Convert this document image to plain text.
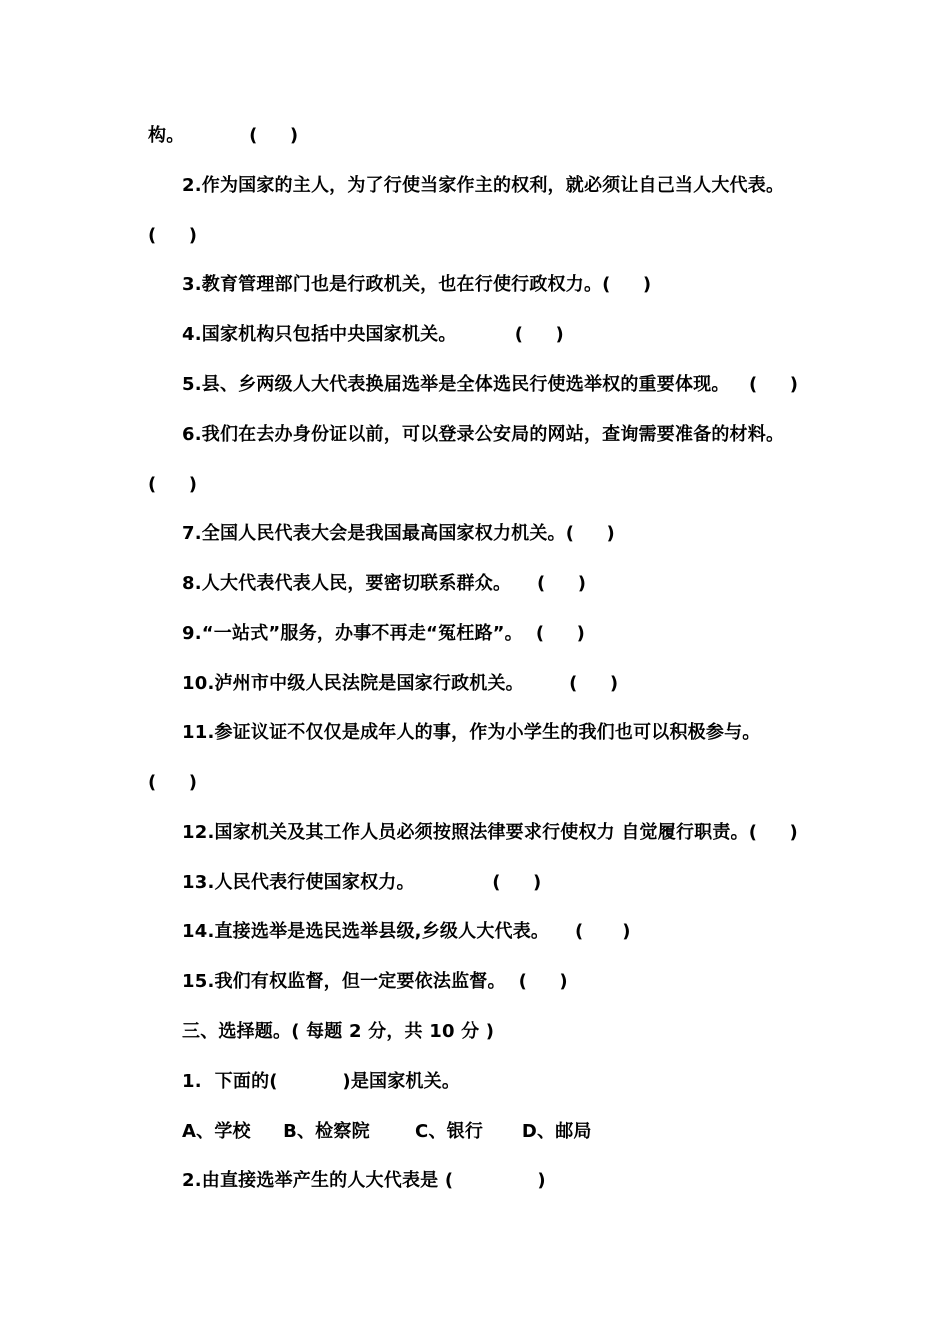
构。          (     )
2.作为国家的主人，为了行使当家作主的权利，就必须让自己当人大代表。
(     )
3.教育管理部门也是行政机关，也在行使行政权力。(     )
4.国家机构只包括中央国家机关。         (     )
5.县、乡两级人大代表换届选举是全体选民行使选举权的重要体现。   (     )
6.我们在去办身份证以前，可以登录公安局的网站，查询需要准备的材料。
(     )
7.全国人民代表大会是我国最高国家权力机关。(     )
8.人大代表代表人民，要密切联系群众。    (     )
9.“一站式”服务，办事不再走“冤枉路”。  (     )
10.泸州市中级人民法院是国家行政机关。       (     )
11.参证议证不仅仅是成年人的事，作为小学生的我们也可以积极参与。
(     )
12.国家机关及其工作人员必须按照法律要求行使权力 自觉履行职责。(     )
13.人民代表行使国家权力。            (     )
14.直接选举是选民选举县级,乡级人大代表。    (      )
15.我们有权监督，但一定要依法监督。  (     )
三、选择题。( 每题 2 分，共 10 分 )
1.  下面的(          )是国家机关。
A、学校     B、检察院       C、银行      D、邮局
2.由直接选举产生的人大代表是 (             )
